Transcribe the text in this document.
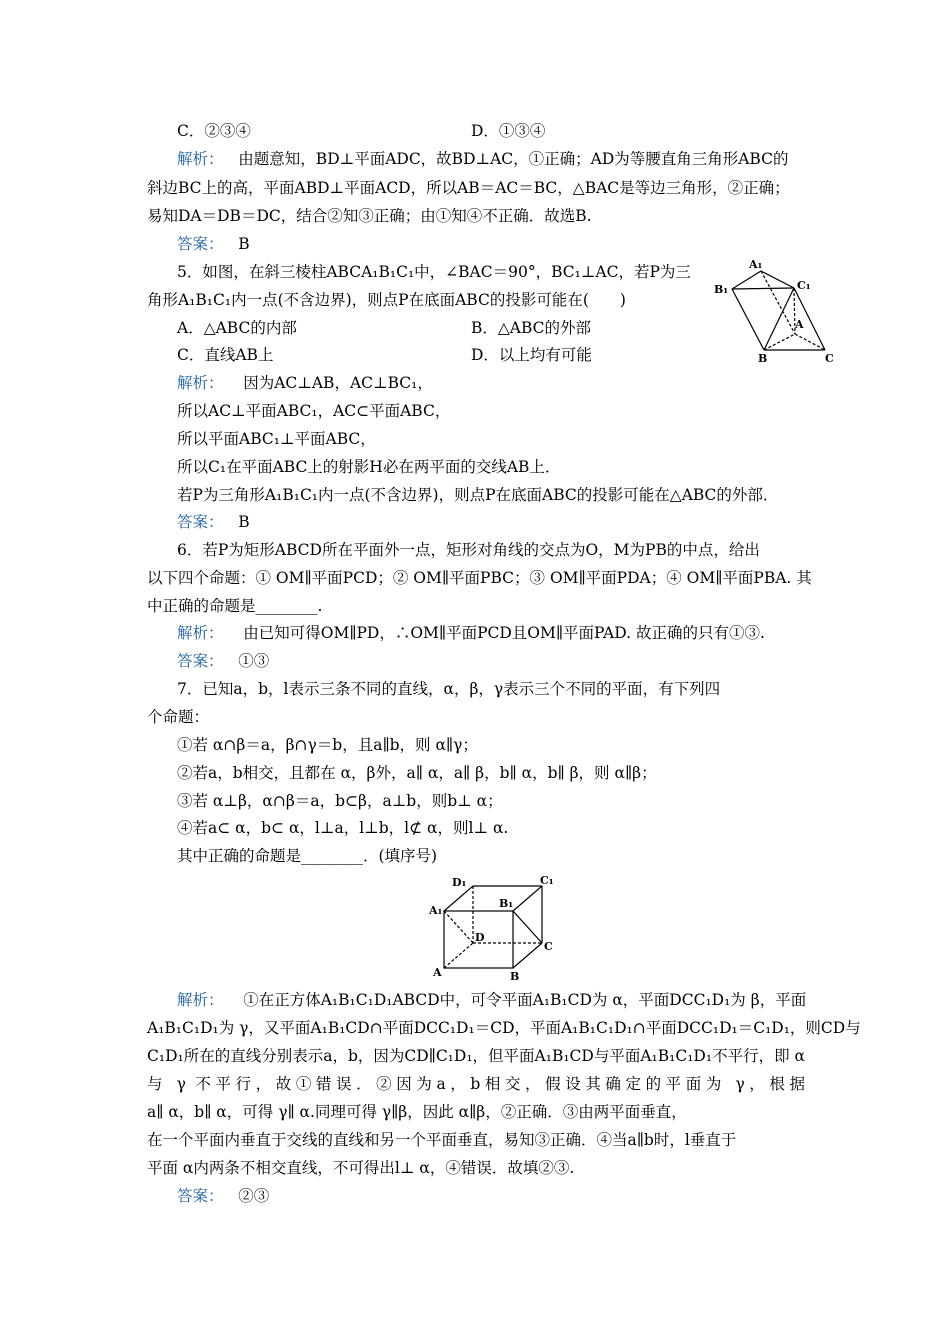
C．②③④	D．①③④
解析： 由题意知，BD⊥平面ADC，故BD⊥AC，①正确；AD为等腰直角三角形ABC的
斜边BC上的高，平面ABD⊥平面ACD，所以AB＝AC＝BC，△BAC是等边三角形，②正确；
易知DA＝DB＝DC，结合②知③正确；由①知④不正确．故选B.
答案： B
5．如图，在斜三棱柱ABCA₁B₁C₁中，∠BAC＝90°，BC₁⊥AC，若P为三
角形A₁B₁C₁内一点(不含边界)，则点P在底面ABC的投影可能在(　　)
A．△ABC的内部	B．△ABC的外部
C．直线AB上	D．以上均有可能
A₁
B₁	C₁
A
B	C
解析： 因为AC⊥AB，AC⊥BC₁，
所以AC⊥平面ABC₁，AC⊂平面ABC，
所以平面ABC₁⊥平面ABC，
所以C₁在平面ABC上的射影H必在两平面的交线AB上．
若P为三角形A₁B₁C₁内一点(不含边界)，则点P在底面ABC的投影可能在△ABC的外部．
答案： B
6．若P为矩形ABCD所在平面外一点，矩形对角线的交点为O，M为PB的中点，给出
以下四个命题：① OM∥平面PCD；② OM∥平面PBC；③ OM∥平面PDA；④ OM∥平面PBA. 其
中正确的命题是________.
解析： 由已知可得OM∥PD，∴OM∥平面PCD且OM∥平面PAD. 故正确的只有①③.
答案： ①③
7．已知a，b，l表示三条不同的直线，α，β，γ表示三个不同的平面，有下列四
个命题：
①若 α∩β＝a，β∩γ＝b，且a∥b，则 α∥γ；
②若a，b相交，且都在 α，β外，a∥ α，a∥ β，b∥ α，b∥ β，则 α∥β；
③若 α⊥β，α∩β＝a，b⊂β，a⊥b，则b⊥ α；
④若a⊂ α，b⊂ α，l⊥a，l⊥b，l⊄ α，则l⊥ α.
其中正确的命题是________．(填序号)
D₁	C₁
B₁
A₁
D
C
A	B
解析： ①在正方体A₁B₁C₁D₁ABCD中，可令平面A₁B₁CD为 α，平面DCC₁D₁为 β，平面
A₁B₁C₁D₁为 γ，又平面A₁B₁CD∩平面DCC₁D₁＝CD，平面A₁B₁C₁D₁∩平面DCC₁D₁＝C₁D₁，则CD与
C₁D₁所在的直线分别表示a，b，因为CD∥C₁D₁，但平面A₁B₁CD与平面A₁B₁C₁D₁不平行，即 α
与 γ 不平行，故①错误．②因为a，b相交，假设其确定的平面为 γ，根据
a∥ α，b∥ α，可得 γ∥ α.同理可得 γ∥β，因此 α∥β，②正确．③由两平面垂直，
在一个平面内垂直于交线的直线和另一个平面垂直，易知③正确．④当a∥b时，l垂直于
平面 α内两条不相交直线，不可得出l⊥ α，④错误．故填②③.
答案： ②③
